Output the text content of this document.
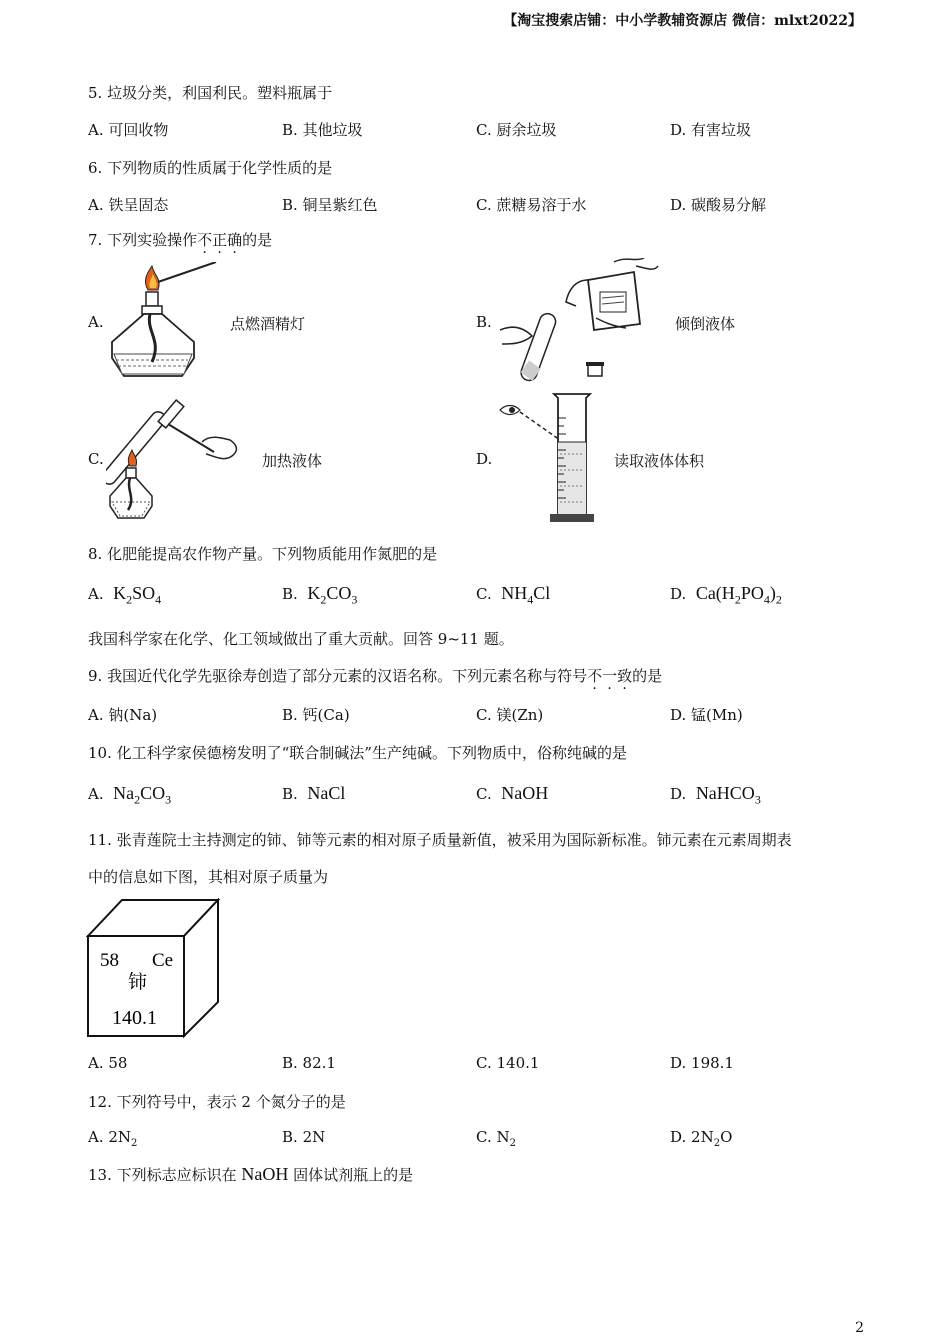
【淘宝搜索店铺：中小学教辅资源店 微信：mlxt2022】
5. 垃圾分类，利国利民。塑料瓶属于
A. 可回收物	B. 其他垃圾	C. 厨余垃圾	D. 有害垃圾
6. 下列物质的性质属于化学性质的是
A. 铁呈固态	B. 铜呈紫红色	C. 蔗糖易溶于水	D. 碳酸易分解
7. 下列实验操作不正确的是
A.	点燃酒精灯	B.	倾倒液体
C.	加热液体	D.	读取液体体积
8. 化肥能提高农作物产量。下列物质能用作氮肥的是
A. $K_2SO_4$	B. $K_2CO_3$	C. $NH_4Cl$	D. $Ca(H_2PO_4)_2$
我国科学家在化学、化工领域做出了重大贡献。回答 9~11 题。
9. 我国近代化学先驱徐寿创造了部分元素的汉语名称。下列元素名称与符号不一致的是
A. 钠(Na)	B. 钙(Ca)	C. 镁(Zn)	D. 锰(Mn)
10. 化工科学家侯德榜发明了“联合制碱法”生产纯碱。下列物质中，俗称纯碱的是
A. $Na_2CO_3$	B. NaCl	C. NaOH	D. NaHCO$_3$
11. 张青莲院士主持测定的铈、铈等元素的相对原子质量新值，被采用为国际新标准。铈元素在元素周期表
中的信息如下图，其相对原子质量为
58 Ce
铈
140.1
A. 58	B. 82.1	C. 140.1	D. 198.1
12. 下列符号中，表示 2 个氮分子的是
A. $2N_2$	B. 2N	C. $N_2$	D. $2N_2O$
13. 下列标志应标识在 NaOH 固体试剂瓶上的是
2
